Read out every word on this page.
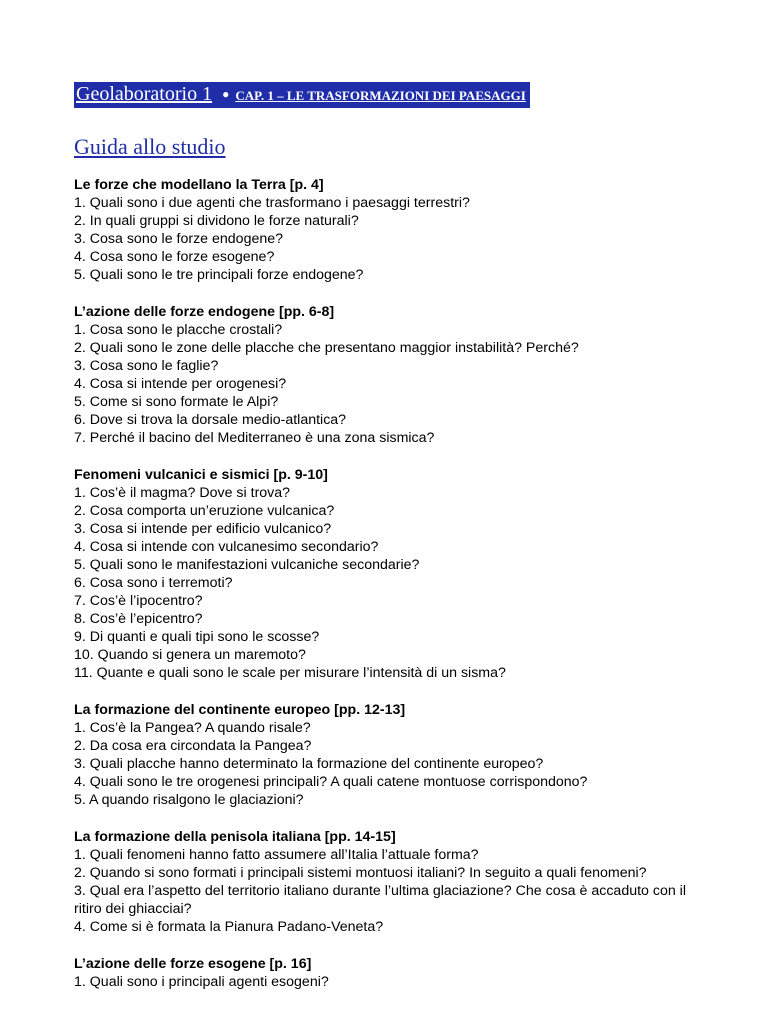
Geolaboratorio 1 ● CAP. 1 – LE TRASFORMAZIONI DEI PAESAGGI
Guida allo studio
Le forze che modellano la Terra [p. 4]
1. Quali sono i due agenti che trasformano i paesaggi terrestri?
2. In quali gruppi si dividono le forze naturali?
3. Cosa sono le forze endogene?
4. Cosa sono le forze esogene?
5. Quali sono le tre principali forze endogene?
L’azione delle forze endogene [pp. 6-8]
1. Cosa sono le placche crostali?
2. Quali sono le zone delle placche che presentano maggior instabilità? Perché?
3. Cosa sono le faglie?
4. Cosa si intende per orogenesi?
5. Come si sono formate le Alpi?
6. Dove si trova la dorsale medio-atlantica?
7. Perché il bacino del Mediterraneo è una zona sismica?
Fenomeni vulcanici e sismici [p. 9-10]
1. Cos’è il magma? Dove si trova?
2. Cosa comporta un’eruzione vulcanica?
3. Cosa si intende per edificio vulcanico?
4. Cosa si intende con vulcanesimo secondario?
5. Quali sono le manifestazioni vulcaniche secondarie?
6. Cosa sono i terremoti?
7. Cos’è l’ipocentro?
8. Cos’è l’epicentro?
9. Di quanti e quali tipi sono le scosse?
10. Quando si genera un maremoto?
11. Quante e quali sono le scale per misurare l’intensità di un sisma?
La formazione del continente europeo [pp. 12-13]
1. Cos’è la Pangea? A quando risale?
2. Da cosa era circondata la Pangea?
3. Quali placche hanno determinato la formazione del continente europeo?
4. Quali sono le tre orogenesi principali? A quali catene montuose corrispondono?
5. A quando risalgono le glaciazioni?
La formazione della penisola italiana [pp. 14-15]
1. Quali fenomeni hanno fatto assumere all’Italia l’attuale forma?
2. Quando si sono formati i principali sistemi montuosi italiani? In seguito a quali fenomeni?
3. Qual era l’aspetto del territorio italiano durante l’ultima glaciazione? Che cosa è accaduto con il ritiro dei ghiacciai?
4. Come si è formata la Pianura Padano-Veneta?
L’azione delle forze esogene [p. 16]
1. Quali sono i principali agenti esogeni?
